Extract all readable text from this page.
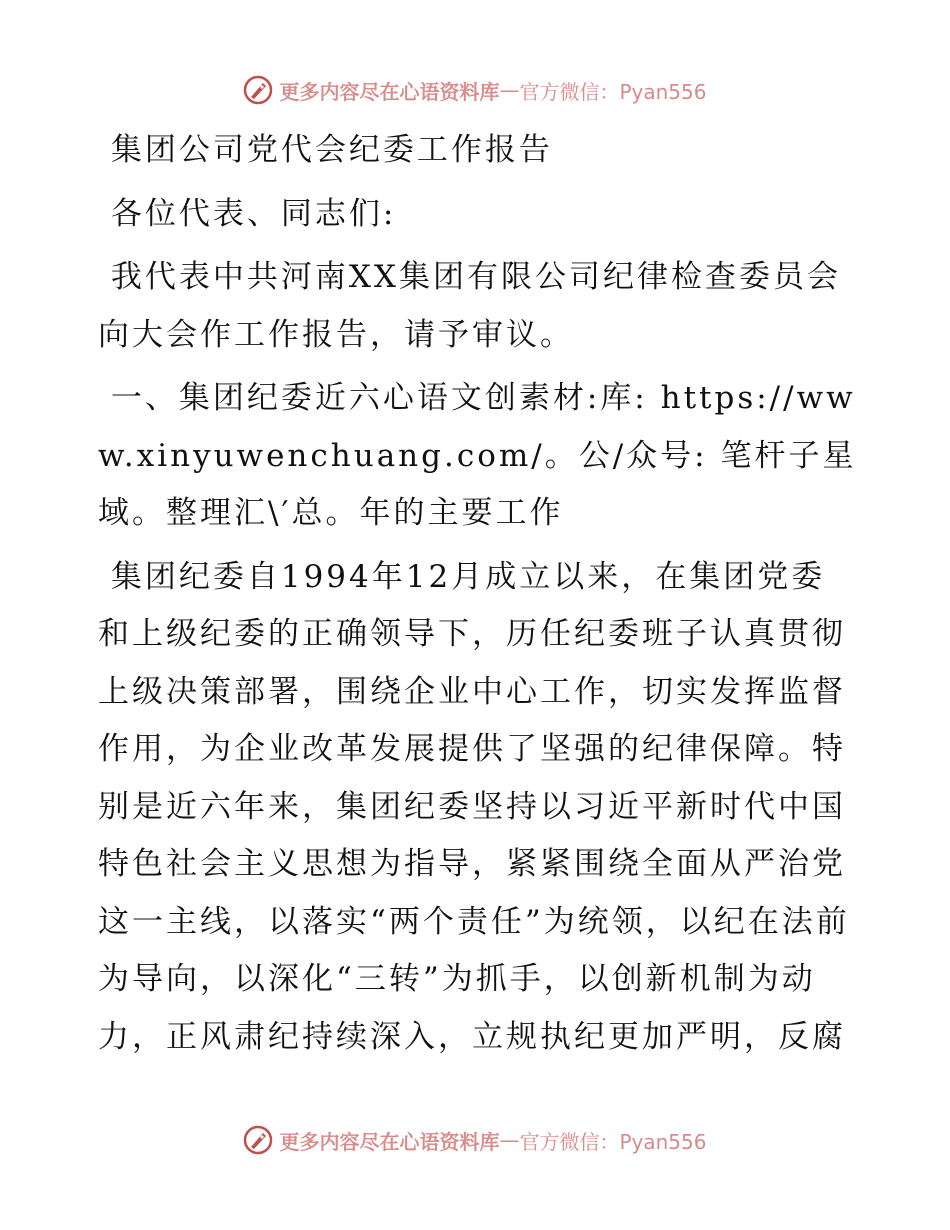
更多内容尽在心语资料库 — 官方微信：Pyan556

集团公司党代会纪委工作报告

各位代表、同志们:

我代表中共河南XX集团有限公司纪律检查委员会向大会作工作报告，请予审议。

一、集团纪委近六心语文创素材:库: https://www.xinyuwenchuang.com/。公/众号: 笔杆子星域。整理汇\′总。年的主要工作

集团纪委自1994年12月成立以来，在集团党委和上级纪委的正确领导下，历任纪委班子认真贯彻上级决策部署，围绕企业中心工作，切实发挥监督作用，为企业改革发展提供了坚强的纪律保障。特别是近六年来，集团纪委坚持以习近平新时代中国特色社会主义思想为指导，紧紧围绕全面从严治党这一主线，以落实“两个责任”为统领，以纪在法前为导向，以深化“三转”为抓手，以创新机制为动力，正风肃纪持续深入，立规执纪更加严明，反腐

更多内容尽在心语资料库 — 官方微信：Pyan556
